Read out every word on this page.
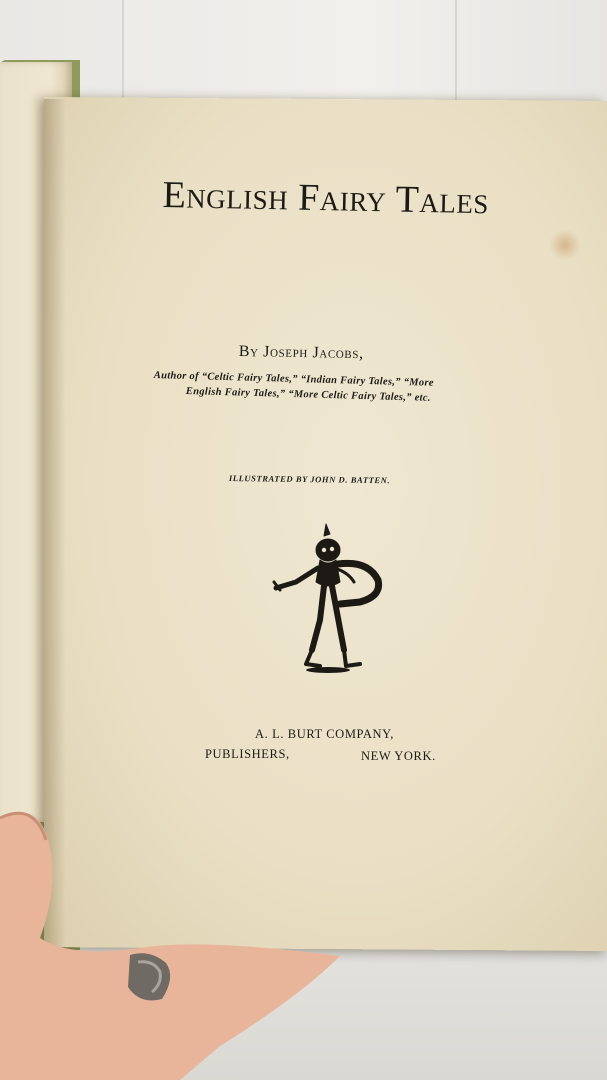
English Fairy Tales
By Joseph Jacobs,
Author of “Celtic Fairy Tales,” “Indian Fairy Tales,” “More
English Fairy Tales,” “More Celtic Fairy Tales,” etc.
ILLUSTRATED BY JOHN D. BATTEN.
A. L. BURT COMPANY,
PUBLISHERS,	NEW YORK.
